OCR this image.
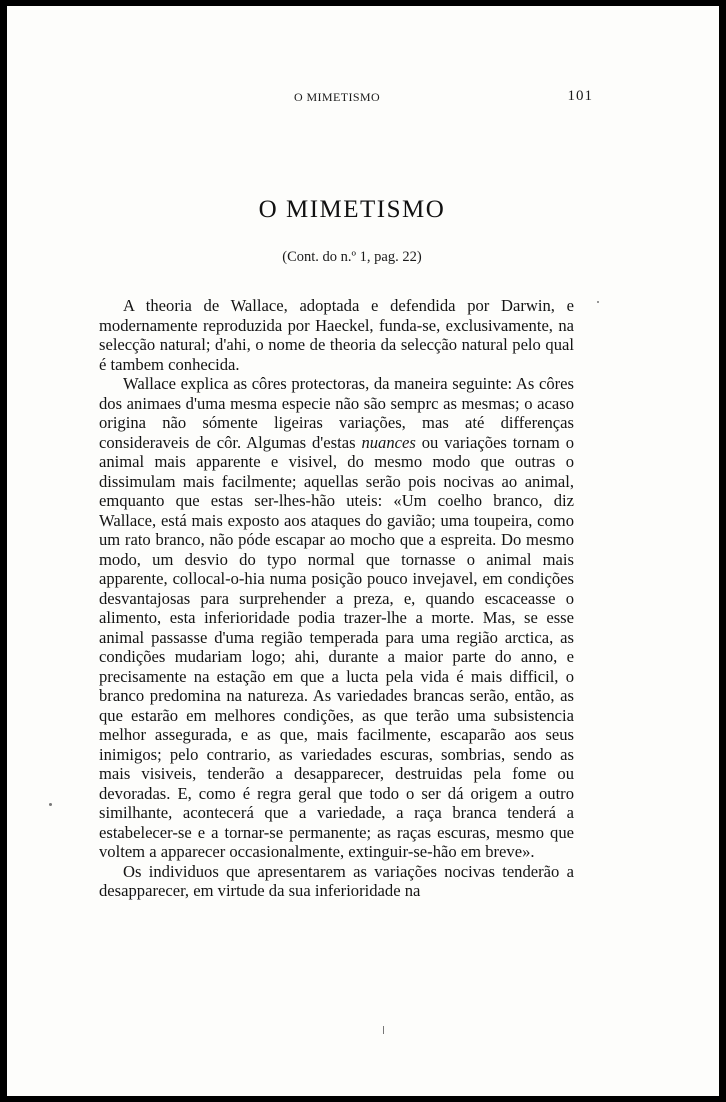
O MIMETISMO	101
O MIMETISMO
(Cont. do n.º 1, pag. 22)

A theoria de Wallace, adoptada e defendida por Darwin, e modernamente reproduzida por Haeckel, funda-se, exclusivamente, na selecção natural; d'ahi, o nome de theoria da selecção natural pelo qual é tambem conhecida.

Wallace explica as côres protectoras, da maneira seguinte: As côres dos animaes d'uma mesma especie não são semprc as mesmas; o acaso origina não sómente ligeiras variações, mas até differenças consideraveis de côr. Algumas d'estas nuances ou variações tornam o animal mais apparente e visivel, do mesmo modo que outras o dissimulam mais facilmente; aquellas serão pois nocivas ao animal, emquanto que estas ser-lhes-hão uteis: «Um coelho branco, diz Wallace, está mais exposto aos ataques do gavião; uma toupeira, como um rato branco, não póde escapar ao mocho que a espreita. Do mesmo modo, um desvio do typo normal que tornasse o animal mais apparente, collocal-o-hia numa posição pouco invejavel, em condições desvantajosas para surprehender a preza, e, quando escaceasse o alimento, esta inferioridade podia trazer-lhe a morte. Mas, se esse animal passasse d'uma região temperada para uma região arctica, as condições mudariam logo; ahi, durante a maior parte do anno, e precisamente na estação em que a lucta pela vida é mais difficil, o branco predomina na natureza. As variedades brancas serão, então, as que estarão em melhores condições, as que terão uma subsistencia melhor assegurada, e as que, mais facilmente, escaparão aos seus inimigos; pelo contrario, as variedades escuras, sombrias, sendo as mais visiveis, tenderão a desapparecer, destruidas pela fome ou devoradas. E, como é regra geral que todo o ser dá origem a outro similhante, acontecerá que a variedade, a raça branca tenderá a estabelecer-se e a tornar-se permanente; as raças escuras, mesmo que voltem a apparecer occasionalmente, extinguir-se-hão em breve».

Os individuos que apresentarem as variações nocivas tenderão a desapparecer, em virtude da sua inferioridade na
